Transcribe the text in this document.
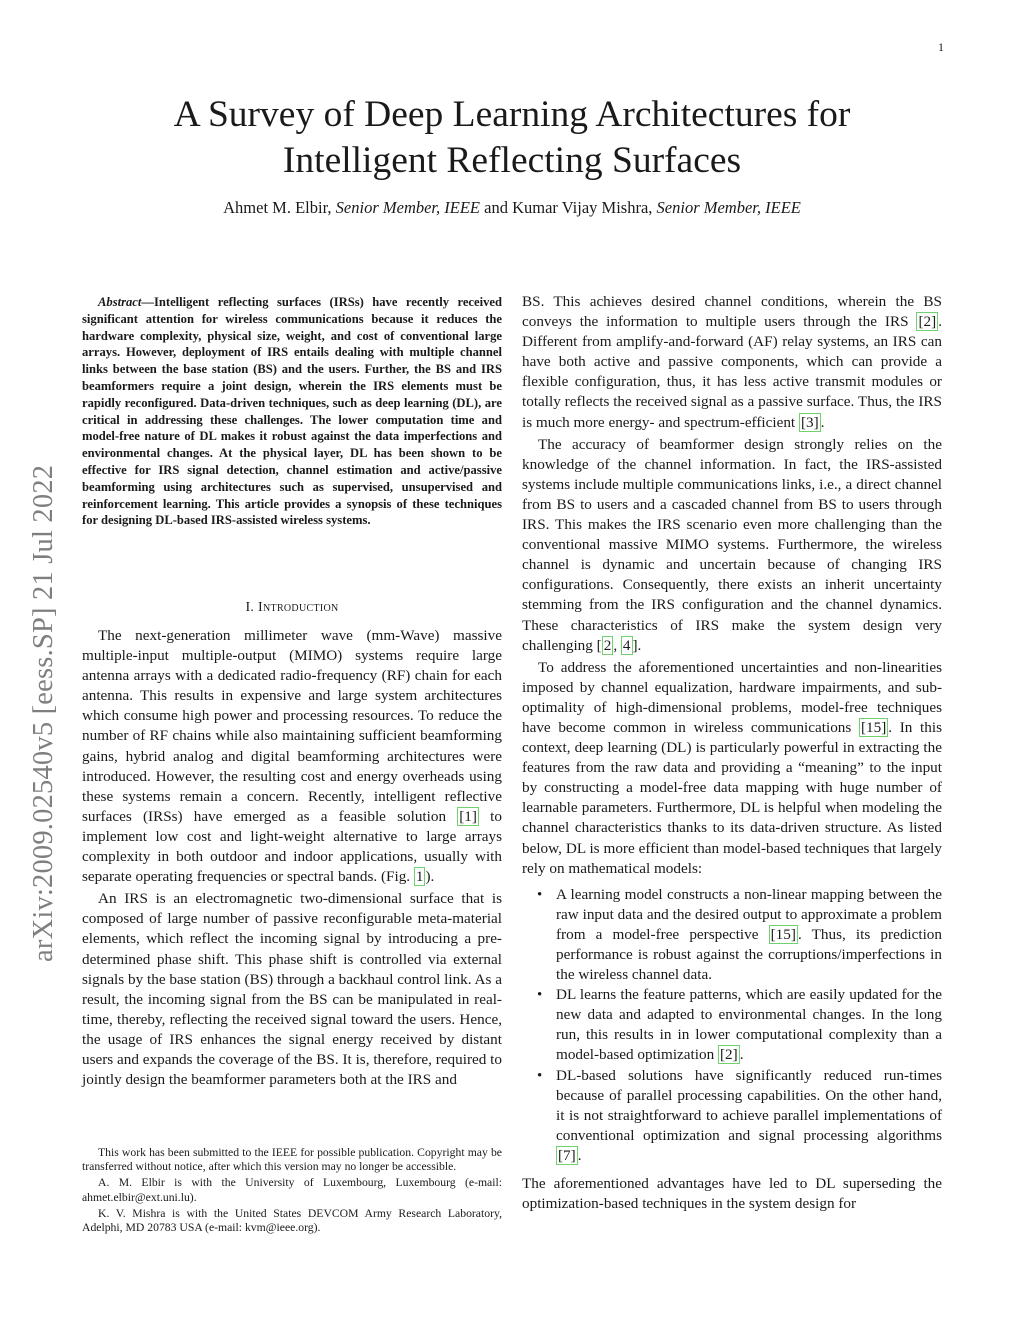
1
arXiv:2009.02540v5 [eess.SP] 21 Jul 2022
A Survey of Deep Learning Architectures for
Intelligent Reflecting Surfaces
Ahmet M. Elbir, Senior Member, IEEE and Kumar Vijay Mishra, Senior Member, IEEE
Abstract—Intelligent reflecting surfaces (IRSs) have recently received significant attention for wireless communications because it reduces the hardware complexity, physical size, weight, and cost of conventional large arrays. However, deployment of IRS entails dealing with multiple channel links between the base station (BS) and the users. Further, the BS and IRS beamformers require a joint design, wherein the IRS elements must be rapidly reconfigured. Data-driven techniques, such as deep learning (DL), are critical in addressing these challenges. The lower computation time and model-free nature of DL makes it robust against the data imperfections and environmental changes. At the physical layer, DL has been shown to be effective for IRS signal detection, channel estimation and active/passive beamforming using architectures such as supervised, unsupervised and reinforcement learning. This article provides a synopsis of these techniques for designing DL-based IRS-assisted wireless systems.
I. Introduction

The next-generation millimeter wave (mm-Wave) massive multiple-input multiple-output (MIMO) systems require large antenna arrays with a dedicated radio-frequency (RF) chain for each antenna. This results in expensive and large system architectures which consume high power and processing resources. To reduce the number of RF chains while also maintaining sufficient beamforming gains, hybrid analog and digital beamforming architectures were introduced. However, the resulting cost and energy overheads using these systems remain a concern. Recently, intelligent reflective surfaces (IRSs) have emerged as a feasible solution [1] to implement low cost and light-weight alternative to large arrays complexity in both outdoor and indoor applications, usually with separate operating frequencies or spectral bands. (Fig. 1 ).

An IRS is an electromagnetic two-dimensional surface that is composed of large number of passive reconfigurable meta-material elements, which reflect the incoming signal by introducing a pre-determined phase shift. This phase shift is controlled via external signals by the base station (BS) through a backhaul control link. As a result, the incoming signal from the BS can be manipulated in real-time, thereby, reflecting the received signal toward the users. Hence, the usage of IRS enhances the signal energy received by distant users and expands the coverage of the BS. It is, therefore, required to jointly design the beamformer parameters both at the IRS and

This work has been submitted to the IEEE for possible publication. Copyright may be transferred without notice, after which this version may no longer be accessible.

A. M. Elbir is with the University of Luxembourg, Luxembourg (e-mail: ahmet.elbir@ext.uni.lu).

K. V. Mishra is with the United States DEVCOM Army Research Laboratory, Adelphi, MD 20783 USA (e-mail: kvm@ieee.org).

BS. This achieves desired channel conditions, wherein the BS conveys the information to multiple users through the IRS [2] . Different from amplify-and-forward (AF) relay systems, an IRS can have both active and passive components, which can provide a flexible configuration, thus, it has less active transmit modules or totally reflects the received signal as a passive surface. Thus, the IRS is much more energy- and spectrum-efficient [3] .

The accuracy of beamformer design strongly relies on the knowledge of the channel information. In fact, the IRS-assisted systems include multiple communications links, i.e., a direct channel from BS to users and a cascaded channel from BS to users through IRS. This makes the IRS scenario even more challenging than the conventional massive MIMO systems. Furthermore, the wireless channel is dynamic and uncertain because of changing IRS configurations. Consequently, there exists an inherit uncertainty stemming from the IRS configuration and the channel dynamics. These characteristics of IRS make the system design very challenging [ 2 , 4 ].

To address the aforementioned uncertainties and non-linearities imposed by channel equalization, hardware impairments, and sub-optimality of high-dimensional problems, model-free techniques have become common in wireless communications [15] . In this context, deep learning (DL) is particularly powerful in extracting the features from the raw data and providing a “meaning” to the input by constructing a model-free data mapping with huge number of learnable parameters. Furthermore, DL is helpful when modeling the channel characteristics thanks to its data-driven structure. As listed below, DL is more efficient than model-based techniques that largely rely on mathematical models:

• A learning model constructs a non-linear mapping between the raw input data and the desired output to approximate a problem from a model-free perspective [15] . Thus, its prediction performance is robust against the corruptions/imperfections in the wireless channel data.
• DL learns the feature patterns, which are easily updated for the new data and adapted to environmental changes. In the long run, this results in in lower computational complexity than a model-based optimization [2] .
• DL-based solutions have significantly reduced run-times because of parallel processing capabilities. On the other hand, it is not straightforward to achieve parallel implementations of conventional optimization and signal processing algorithms [7] .

The aforementioned advantages have led to DL superseding the optimization-based techniques in the system design for
